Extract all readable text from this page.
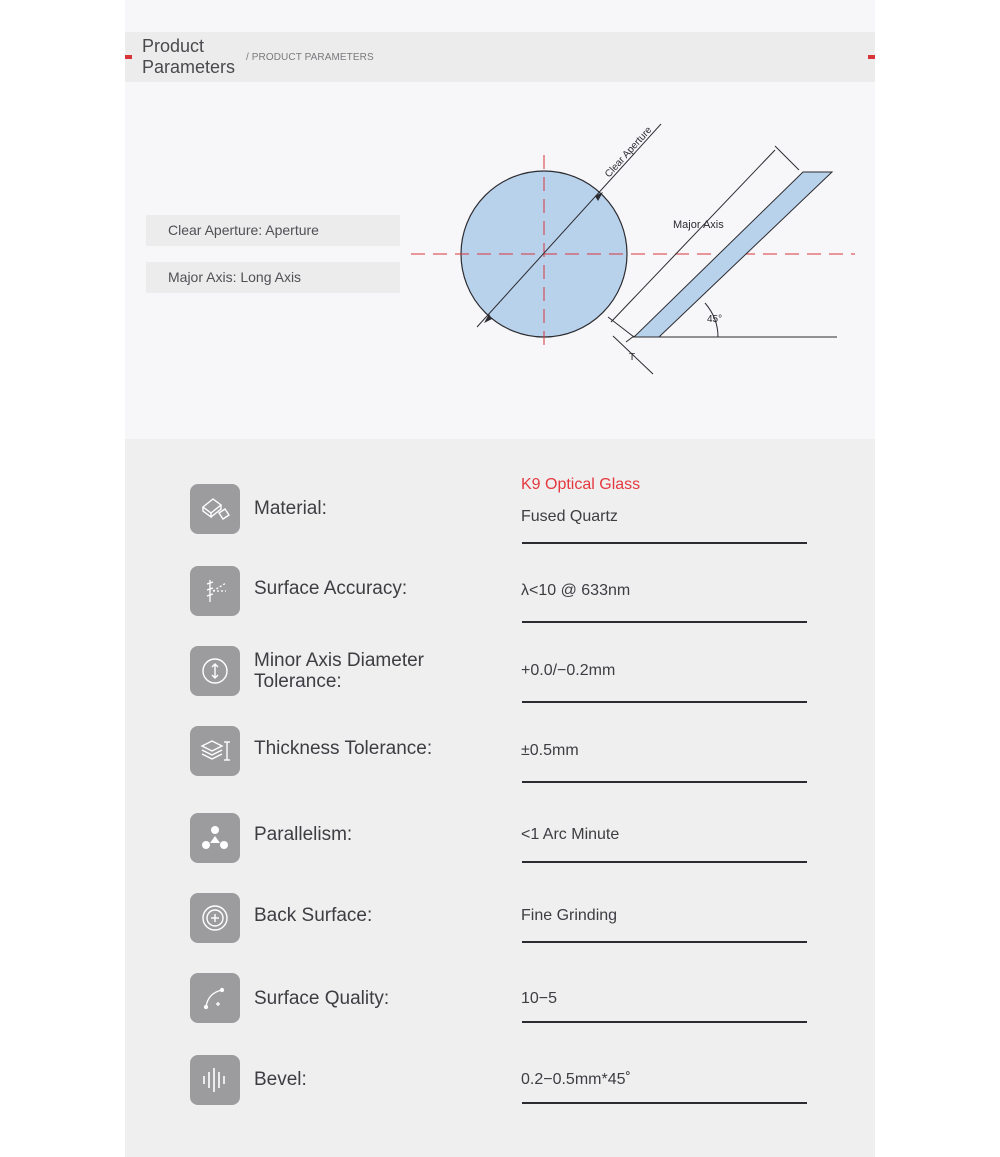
Product Parameters	/ PRODUCT PARAMETERS
Clear Aperture: Aperture
Major Axis: Long Axis
Clear Aperture
Major Axis
45°
T
Material:
K9 Optical Glass
Fused Quartz
Surface Accuracy:	λ<10 @ 633nm
Minor Axis Diameter Tolerance:
+0.0/−0.2mm
Thickness Tolerance:	±0.5mm
Parallelism:	<1 Arc Minute
Back Surface:	Fine Grinding
Surface Quality:	10−5
Bevel:	0.2−0.5mm*45˚
